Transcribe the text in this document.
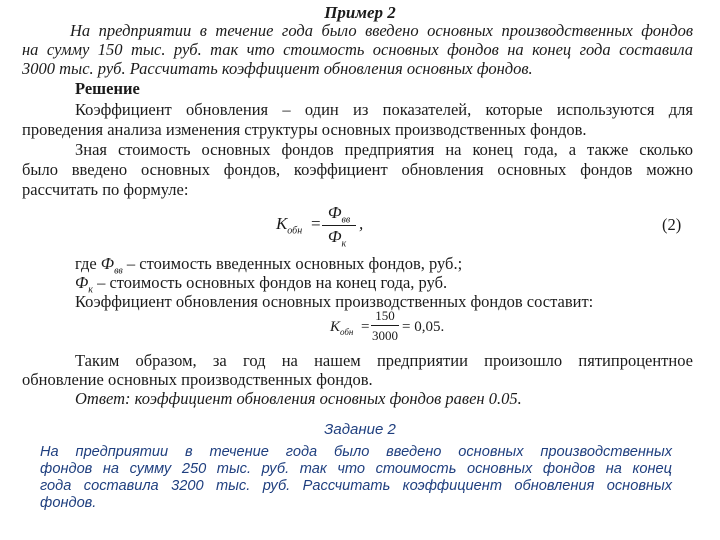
Пример 2
На предприятии в течение года было введено основных производственных фондов
на сумму 150 тыс. руб. так что стоимость основных фондов на конец года составила
3000 тыс. руб. Рассчитать коэффициент обновления основных фондов.
Решение
Коэффициент обновления – один из показателей, которые используются для
проведения анализа изменения структуры основных производственных фондов.
Зная стоимость основных фондов предприятия на конец года, а также сколько
было введено основных фондов, коэффициент обновления основных фондов можно
рассчитать по формуле:
$К_{обн}$ =
$Ф_{вв}$
$Ф_к$
,	(2)
где $Ф_{вв}$ – стоимость введенных основных фондов, руб.;
$Ф_к$ – стоимость основных фондов на конец года, руб.
Коэффициент обновления основных производственных фондов составит:
$К_{обн}$ =
150
3000
= 0,05.
Таким образом, за год на нашем предприятии произошло пятипроцентное
обновление основных производственных фондов.
Ответ: коэффициент обновления основных фондов равен 0.05.
Задание 2
На предприятии в течение года было введено основных производственных
фондов на сумму 250 тыс. руб. так что стоимость основных фондов на конец
года составила 3200 тыс. руб. Рассчитать коэффициент обновления основных
фондов.
